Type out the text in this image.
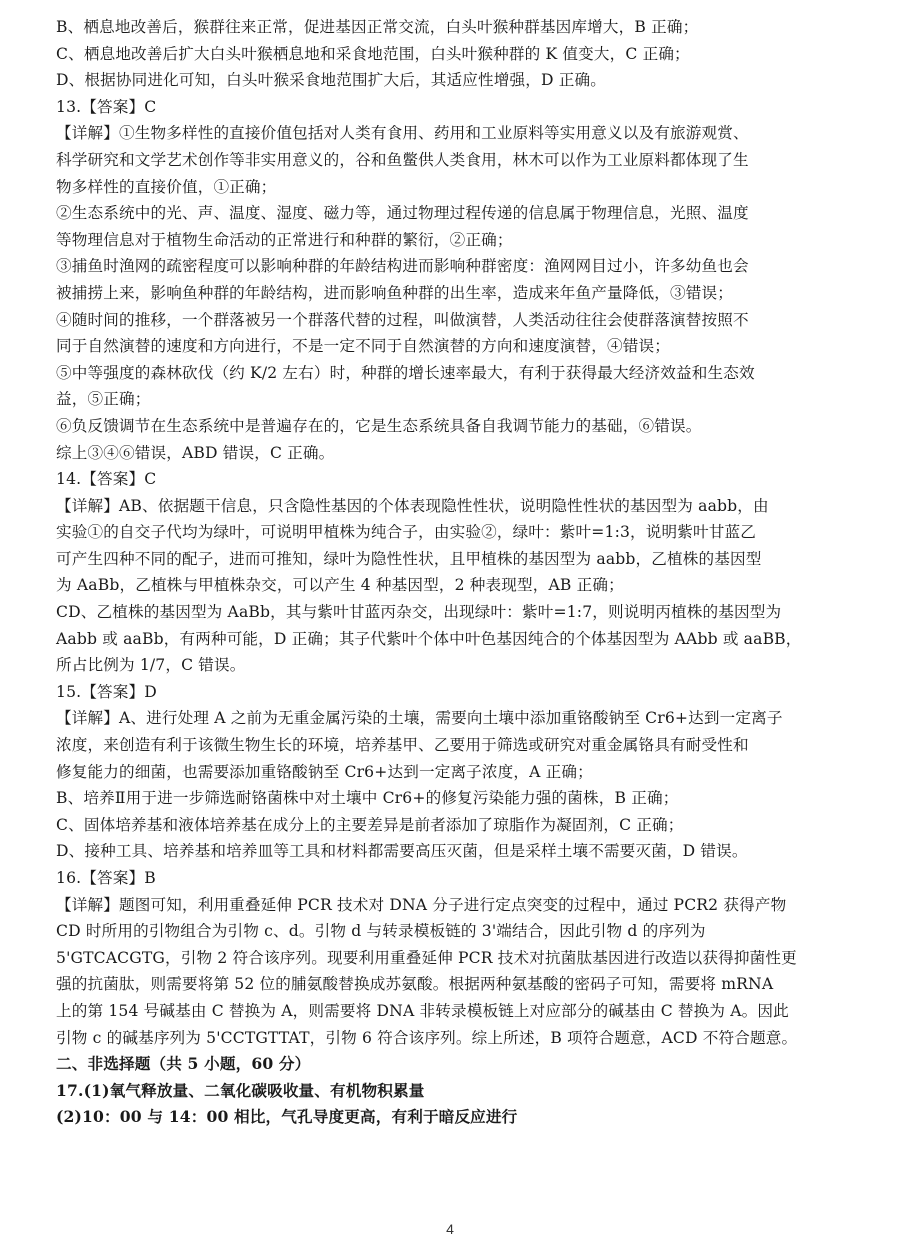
B、栖息地改善后，猴群往来正常，促进基因正常交流，白头叶猴种群基因库增大，B 正确；
C、栖息地改善后扩大白头叶猴栖息地和采食地范围，白头叶猴种群的 K 值变大，C 正确；
D、根据协同进化可知，白头叶猴采食地范围扩大后，其适应性增强，D 正确。
13.【答案】C
【详解】①生物多样性的直接价值包括对人类有食用、药用和工业原料等实用意义以及有旅游观赏、
科学研究和文学艺术创作等非实用意义的，谷和鱼鳖供人类食用，林木可以作为工业原料都体现了生
物多样性的直接价值，①正确；
②生态系统中的光、声、温度、湿度、磁力等，通过物理过程传递的信息属于物理信息，光照、温度
等物理信息对于植物生命活动的正常进行和种群的繁衍，②正确；
③捕鱼时渔网的疏密程度可以影响种群的年龄结构进而影响种群密度：渔网网目过小，许多幼鱼也会
被捕捞上来，影响鱼种群的年龄结构，进而影响鱼种群的出生率，造成来年鱼产量降低，③错误；
④随时间的推移，一个群落被另一个群落代替的过程，叫做演替，人类活动往往会使群落演替按照不
同于自然演替的速度和方向进行，不是一定不同于自然演替的方向和速度演替，④错误；
⑤中等强度的森林砍伐（约 K/2 左右）时，种群的增长速率最大，有利于获得最大经济效益和生态效
益，⑤正确；
⑥负反馈调节在生态系统中是普遍存在的，它是生态系统具备自我调节能力的基础，⑥错误。
综上③④⑥错误，ABD 错误，C 正确。
14.【答案】C
【详解】AB、依据题干信息，只含隐性基因的个体表现隐性性状，说明隐性性状的基因型为 aabb，由
实验①的自交子代均为绿叶，可说明甲植株为纯合子，由实验②，绿叶：紫叶=1:3，说明紫叶甘蓝乙
可产生四种不同的配子，进而可推知，绿叶为隐性性状，且甲植株的基因型为 aabb，乙植株的基因型
为 AaBb，乙植株与甲植株杂交，可以产生 4 种基因型，2 种表现型，AB 正确；
CD、乙植株的基因型为 AaBb，其与紫叶甘蓝丙杂交，出现绿叶：紫叶=1:7，则说明丙植株的基因型为
Aabb 或 aaBb，有两种可能，D 正确；其子代紫叶个体中叶色基因纯合的个体基因型为 AAbb 或 aaBB，
所占比例为 1/7，C 错误。
15.【答案】D
【详解】A、进行处理 A 之前为无重金属污染的土壤，需要向土壤中添加重铬酸钠至 Cr6+达到一定离子
浓度，来创造有利于该微生物生长的环境，培养基甲、乙要用于筛选或研究对重金属铬具有耐受性和
修复能力的细菌，也需要添加重铬酸钠至 Cr6+达到一定离子浓度，A 正确；
B、培养Ⅱ用于进一步筛选耐铬菌株中对土壤中 Cr6+的修复污染能力强的菌株，B 正确；
C、固体培养基和液体培养基在成分上的主要差异是前者添加了琼脂作为凝固剂，C 正确；
D、接种工具、培养基和培养皿等工具和材料都需要高压灭菌，但是采样土壤不需要灭菌，D 错误。
16.【答案】B
【详解】题图可知，利用重叠延伸 PCR 技术对 DNA 分子进行定点突变的过程中，通过 PCR2 获得产物
CD 时所用的引物组合为引物 c、d。引物 d 与转录模板链的 3'端结合，因此引物 d 的序列为
5'GTCACGTG，引物 2 符合该序列。现要利用重叠延伸 PCR 技术对抗菌肽基因进行改造以获得抑菌性更
强的抗菌肽，则需要将第 52 位的脯氨酸替换成苏氨酸。根据两种氨基酸的密码子可知，需要将 mRNA
上的第 154 号碱基由 C 替换为 A，则需要将 DNA 非转录模板链上对应部分的碱基由 C 替换为 A。因此
引物 c 的碱基序列为 5'CCTGTTAT，引物 6 符合该序列。综上所述，B 项符合题意，ACD 不符合题意。
二、非选择题（共 5 小题，60 分）
17.(1)氧气释放量、二氧化碳吸收量、有机物积累量
(2)10：00 与 14：00 相比，气孔导度更高，有利于暗反应进行
4
